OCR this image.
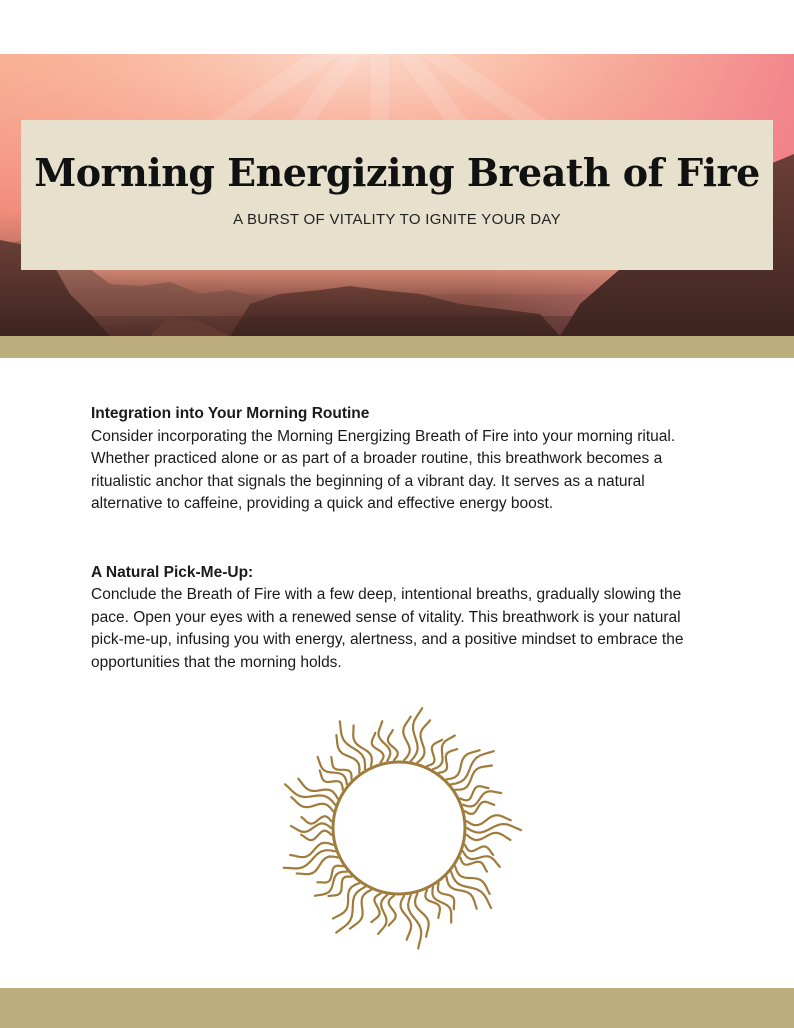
Morning Energizing Breath of Fire
A BURST OF VITALITY TO IGNITE YOUR DAY
Integration into Your Morning Routine

Consider incorporating the Morning Energizing Breath of Fire into your morning ritual. Whether practiced alone or as part of a broader routine, this breathwork becomes a ritualistic anchor that signals the beginning of a vibrant day. It serves as a natural alternative to caffeine, providing a quick and effective energy boost.

A Natural Pick-Me-Up:

Conclude the Breath of Fire with a few deep, intentional breaths, gradually slowing the pace. Open your eyes with a renewed sense of vitality. This breathwork is your natural pick-me-up, infusing you with energy, alertness, and a positive mindset to embrace the opportunities that the morning holds.
